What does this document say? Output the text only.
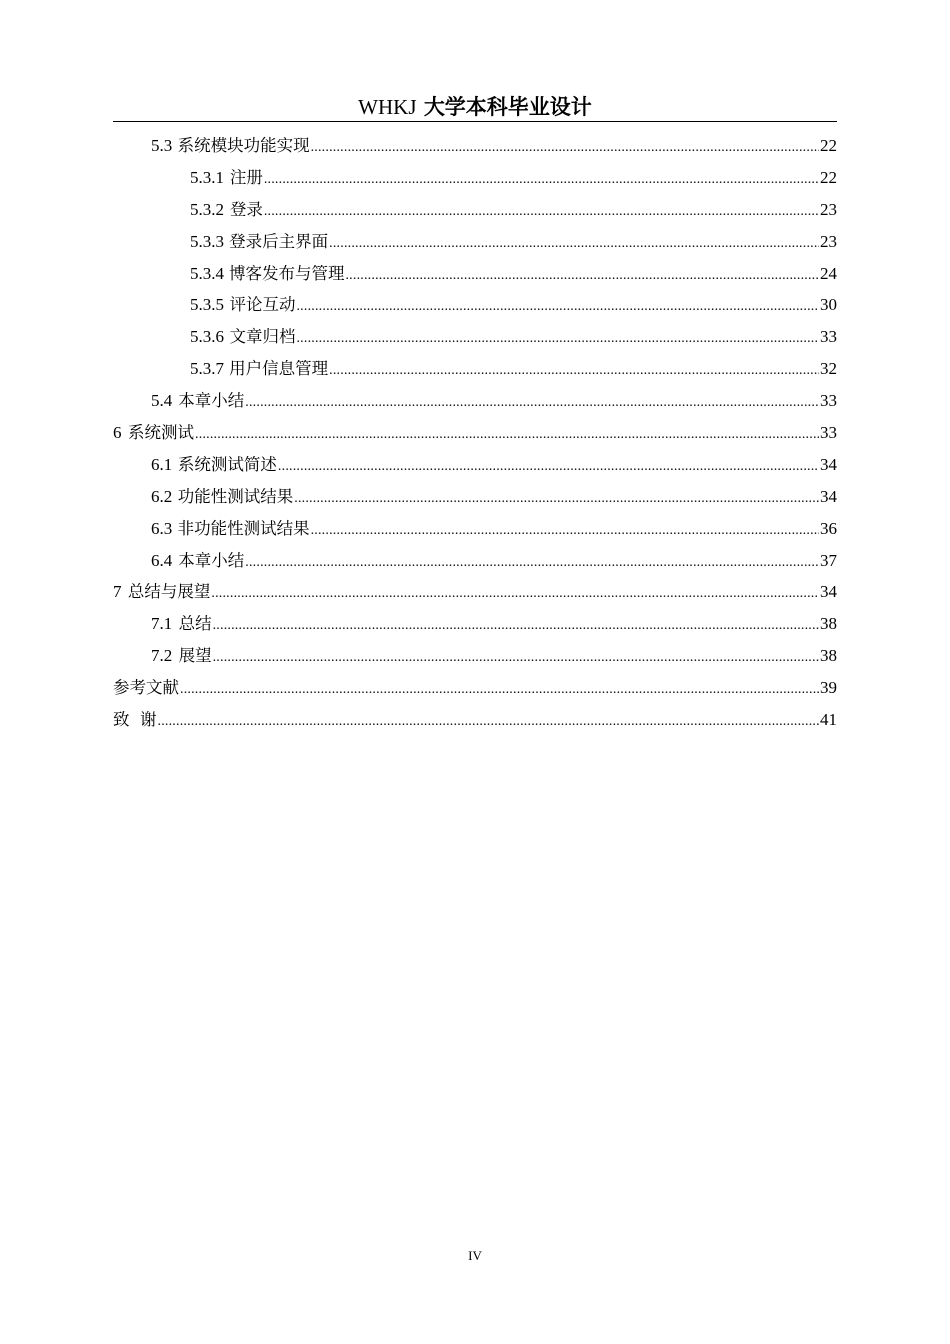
WHKJ 大学本科毕业设计
5.3 系统模块功能实现 .....	22
5.3.1 注册 .....	22
5.3.2 登录 .....	23
5.3.3 登录后主界面 .....	23
5.3.4 博客发布与管理 .....	24
5.3.5 评论互动 .....	30
5.3.6 文章归档 .....	33
5.3.7 用户信息管理 .....	32
5.4 本章小结 .....	33
6 系统测试 .....	33
6.1 系统测试简述 .....	34
6.2 功能性测试结果 .....	34
6.3 非功能性测试结果 .....	36
6.4 本章小结 .....	37
7 总结与展望 .....	34
7.1 总结 .....	38
7.2 展望 .....	38
参考文献 .....	39
致  谢 .....	41
IV
